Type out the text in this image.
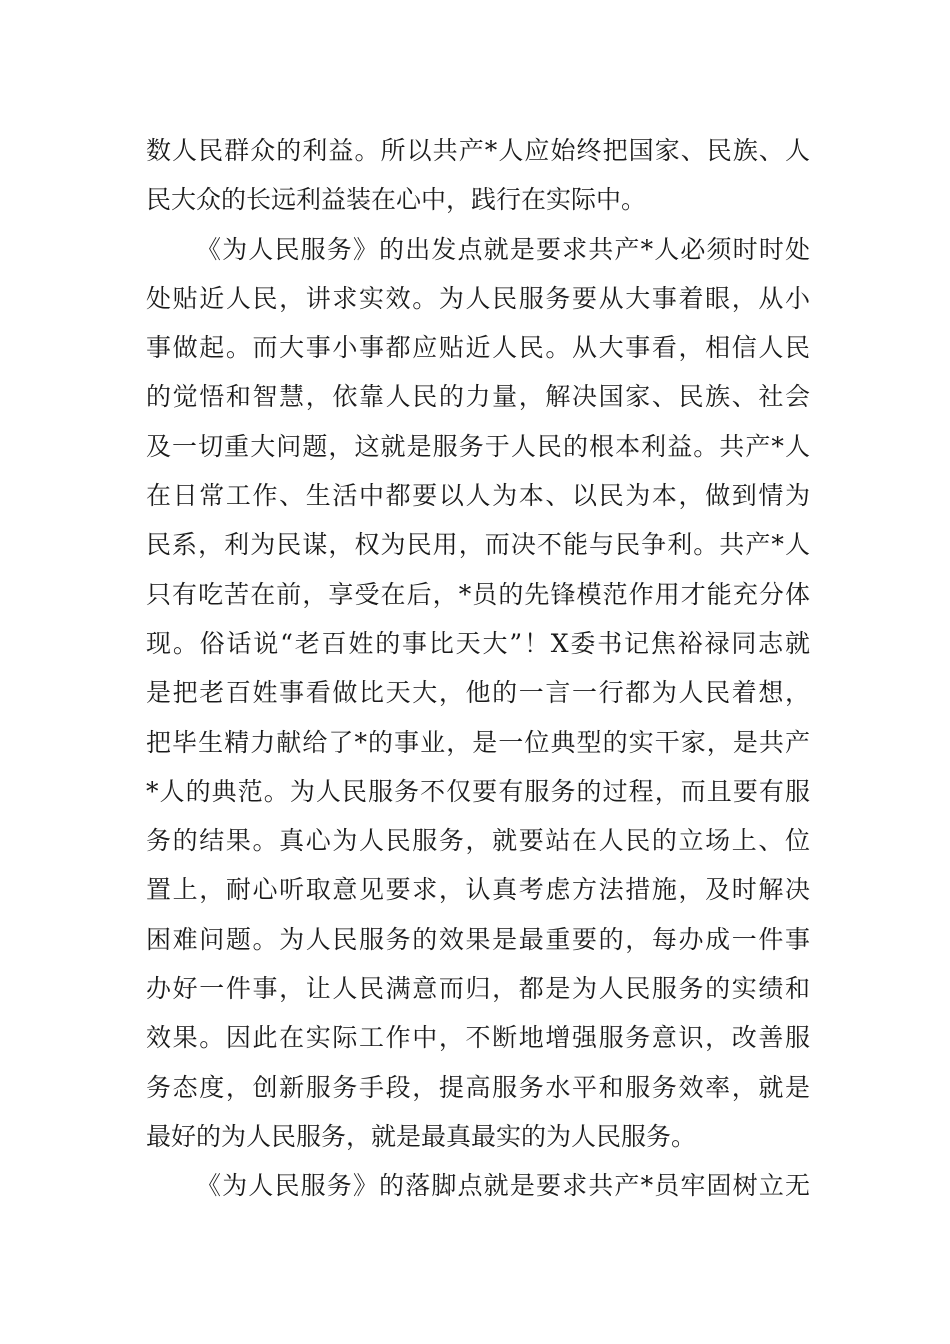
数人民群众的利益。所以共产*人应始终把国家、民族、人
民大众的长远利益装在心中，践行在实际中。
《为人民服务》的出发点就是要求共产*人必须时时处
处贴近人民，讲求实效。为人民服务要从大事着眼，从小
事做起。而大事小事都应贴近人民。从大事看，相信人民
的觉悟和智慧，依靠人民的力量，解决国家、民族、社会
及一切重大问题，这就是服务于人民的根本利益。共产*人
在日常工作、生活中都要以人为本、以民为本，做到情为
民系，利为民谋，权为民用，而决不能与民争利。共产*人
只有吃苦在前，享受在后，*员的先锋模范作用才能充分体
现。俗话说“老百姓的事比天大”！X委书记焦裕禄同志就
是把老百姓事看做比天大，他的一言一行都为人民着想，
把毕生精力献给了*的事业，是一位典型的实干家，是共产
*人的典范。为人民服务不仅要有服务的过程，而且要有服
务的结果。真心为人民服务，就要站在人民的立场上、位
置上，耐心听取意见要求，认真考虑方法措施，及时解决
困难问题。为人民服务的效果是最重要的，每办成一件事
办好一件事，让人民满意而归，都是为人民服务的实绩和
效果。因此在实际工作中，不断地增强服务意识，改善服
务态度，创新服务手段，提高服务水平和服务效率，就是
最好的为人民服务，就是最真最实的为人民服务。
《为人民服务》的落脚点就是要求共产*员牢固树立无
